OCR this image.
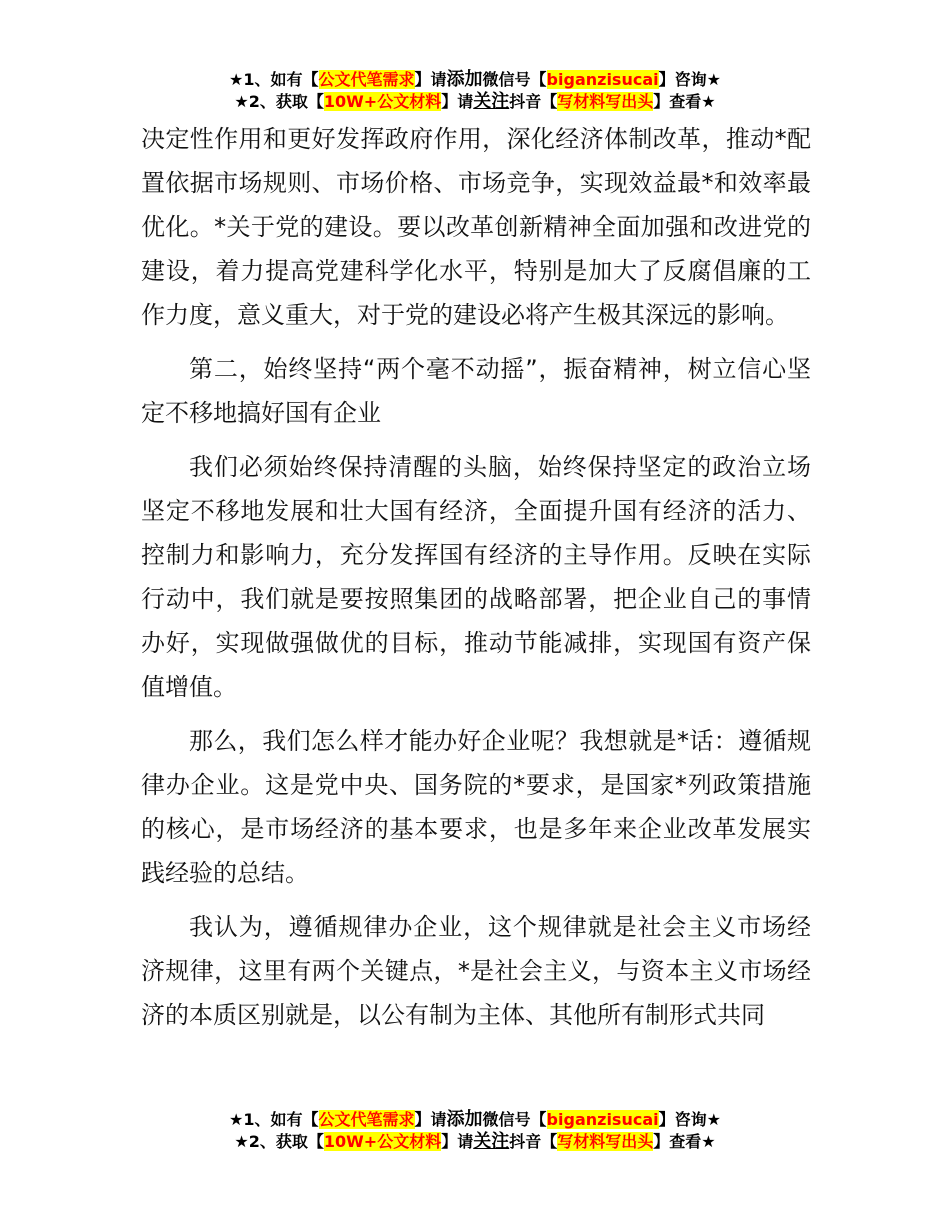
★1、如有【公文代笔需求】请添加微信号【biganzisucai】咨询★
★2、获取【10W+公文材料】请关注抖音【写材料写出头】查看★

决定性作用和更好发挥政府作用，深化经济体制改革，推动*配置依据市场规则、市场价格、市场竞争，实现效益最*和效率最优化。*关于党的建设。要以改革创新精神全面加强和改进党的建设，着力提高党建科学化水平，特别是加大了反腐倡廉的工作力度，意义重大，对于党的建设必将产生极其深远的影响。

第二，始终坚持“两个毫不动摇”，振奋精神，树立信心坚定不移地搞好国有企业

我们必须始终保持清醒的头脑，始终保持坚定的政治立场坚定不移地发展和壮大国有经济，全面提升国有经济的活力、控制力和影响力，充分发挥国有经济的主导作用。反映在实际行动中，我们就是要按照集团的战略部署，把企业自己的事情办好，实现做强做优的目标，推动节能减排，实现国有资产保值增值。

那么，我们怎么样才能办好企业呢？我想就是*话：遵循规律办企业。这是党中央、国务院的*要求，是国家*列政策措施的核心，是市场经济的基本要求，也是多年来企业改革发展实践经验的总结。

我认为，遵循规律办企业，这个规律就是社会主义市场经济规律，这里有两个关键点，*是社会主义，与资本主义市场经济的本质区别就是，以公有制为主体、其他所有制形式共同

★1、如有【公文代笔需求】请添加微信号【biganzisucai】咨询★
★2、获取【10W+公文材料】请关注抖音【写材料写出头】查看★
